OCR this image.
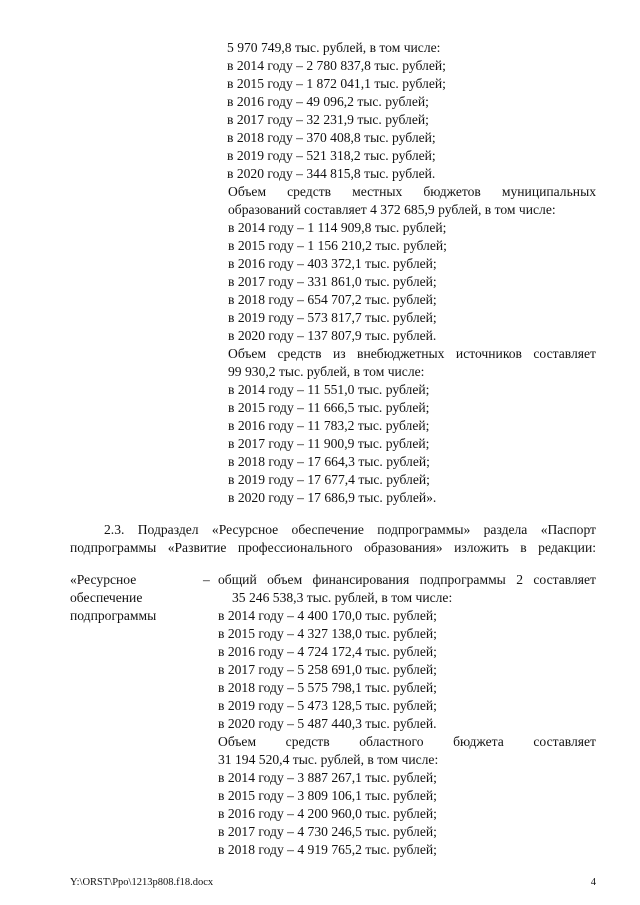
5 970 749,8 тыс. рублей, в том числе:
в 2014 году – 2 780 837,8 тыс. рублей;
в 2015 году – 1 872 041,1 тыс. рублей;
в 2016 году – 49 096,2 тыс. рублей;
в 2017 году – 32 231,9 тыс. рублей;
в 2018 году – 370 408,8 тыс. рублей;
в 2019 году – 521 318,2 тыс. рублей;
в 2020 году – 344 815,8 тыс. рублей.
Объем средств местных бюджетов муниципальных
образований составляет 4 372 685,9 рублей, в том числе:
в 2014 году – 1 114 909,8 тыс. рублей;
в 2015 году – 1 156 210,2 тыс. рублей;
в 2016 году – 403 372,1 тыс. рублей;
в 2017 году – 331 861,0 тыс. рублей;
в 2018 году – 654 707,2 тыс. рублей;
в 2019 году – 573 817,7 тыс. рублей;
в 2020 году – 137 807,9 тыс. рублей.
Объем средств из внебюджетных источников составляет
99 930,2 тыс. рублей, в том числе:
в 2014 году – 11 551,0 тыс. рублей;
в 2015 году – 11 666,5 тыс. рублей;
в 2016 году – 11 783,2 тыс. рублей;
в 2017 году – 11 900,9 тыс. рублей;
в 2018 году – 17 664,3 тыс. рублей;
в 2019 году – 17 677,4 тыс. рублей;
в 2020 году – 17 686,9 тыс. рублей».
2.3. Подраздел «Ресурсное обеспечение подпрограммы» раздела «Паспорт
подпрограммы «Развитие профессионального образования» изложить в редакции:
«Ресурсное
обеспечение
подпрограммы
– общий объем финансирования подпрограммы 2 составляет
35 246 538,3 тыс. рублей, в том числе:
в 2014 году – 4 400 170,0 тыс. рублей;
в 2015 году – 4 327 138,0 тыс. рублей;
в 2016 году – 4 724 172,4 тыс. рублей;
в 2017 году – 5 258 691,0 тыс. рублей;
в 2018 году – 5 575 798,1 тыс. рублей;
в 2019 году – 5 473 128,5 тыс. рублей;
в 2020 году – 5 487 440,3 тыс. рублей.
Объем средств областного бюджета составляет
31 194 520,4 тыс. рублей, в том числе:
в 2014 году – 3 887 267,1 тыс. рублей;
в 2015 году – 3 809 106,1 тыс. рублей;
в 2016 году – 4 200 960,0 тыс. рублей;
в 2017 году – 4 730 246,5 тыс. рублей;
в 2018 году – 4 919 765,2 тыс. рублей;
Y:\ORST\Ppo\1213p808.f18.docx	4
